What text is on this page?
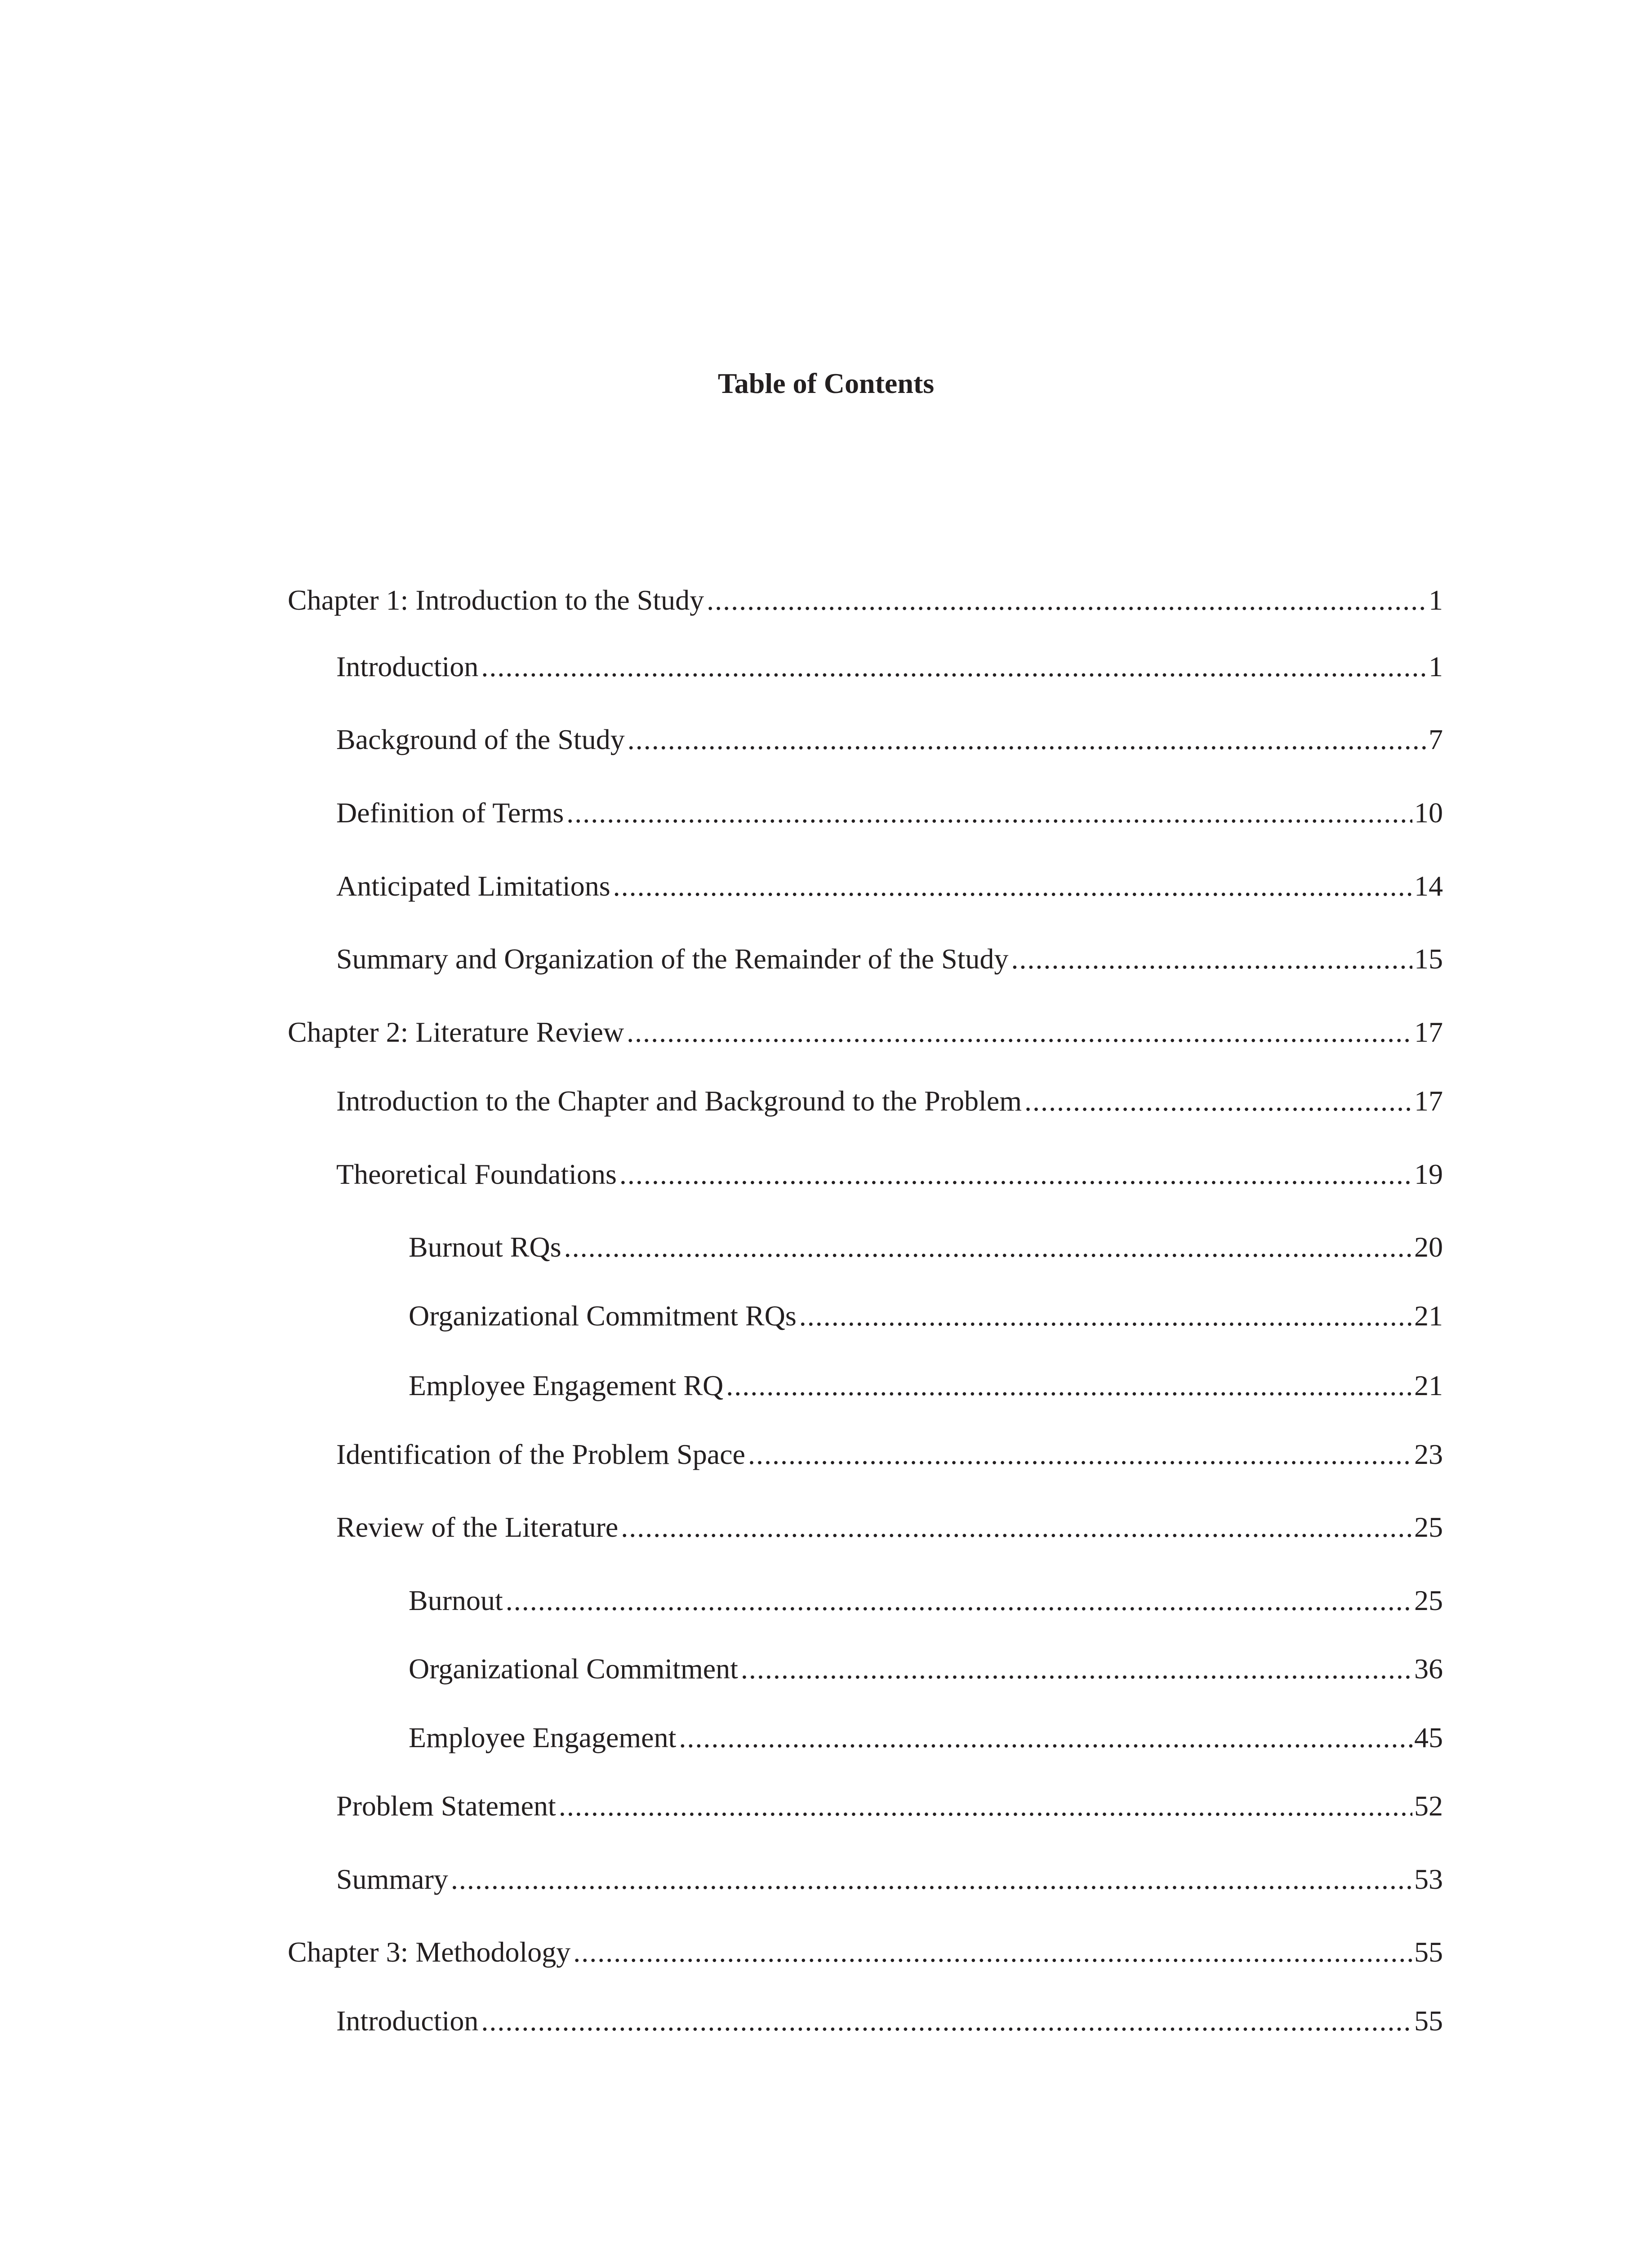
Table of Contents
Chapter 1: Introduction to the Study .....	1
Introduction .....	1
Background of the Study .....	7
Definition of Terms .....	10
Anticipated Limitations .....	14
Summary and Organization of the Remainder of the Study .....	15
Chapter 2: Literature Review .....	17
Introduction to the Chapter and Background to the Problem .....	17
Theoretical Foundations .....	19
Burnout RQs .....	20
Organizational Commitment RQs .....	21
Employee Engagement RQ .....	21
Identification of the Problem Space .....	23
Review of the Literature .....	25
Burnout .....	25
Organizational Commitment .....	36
Employee Engagement .....	45
Problem Statement .....	52
Summary .....	53
Chapter 3: Methodology .....	55
Introduction .....	55
